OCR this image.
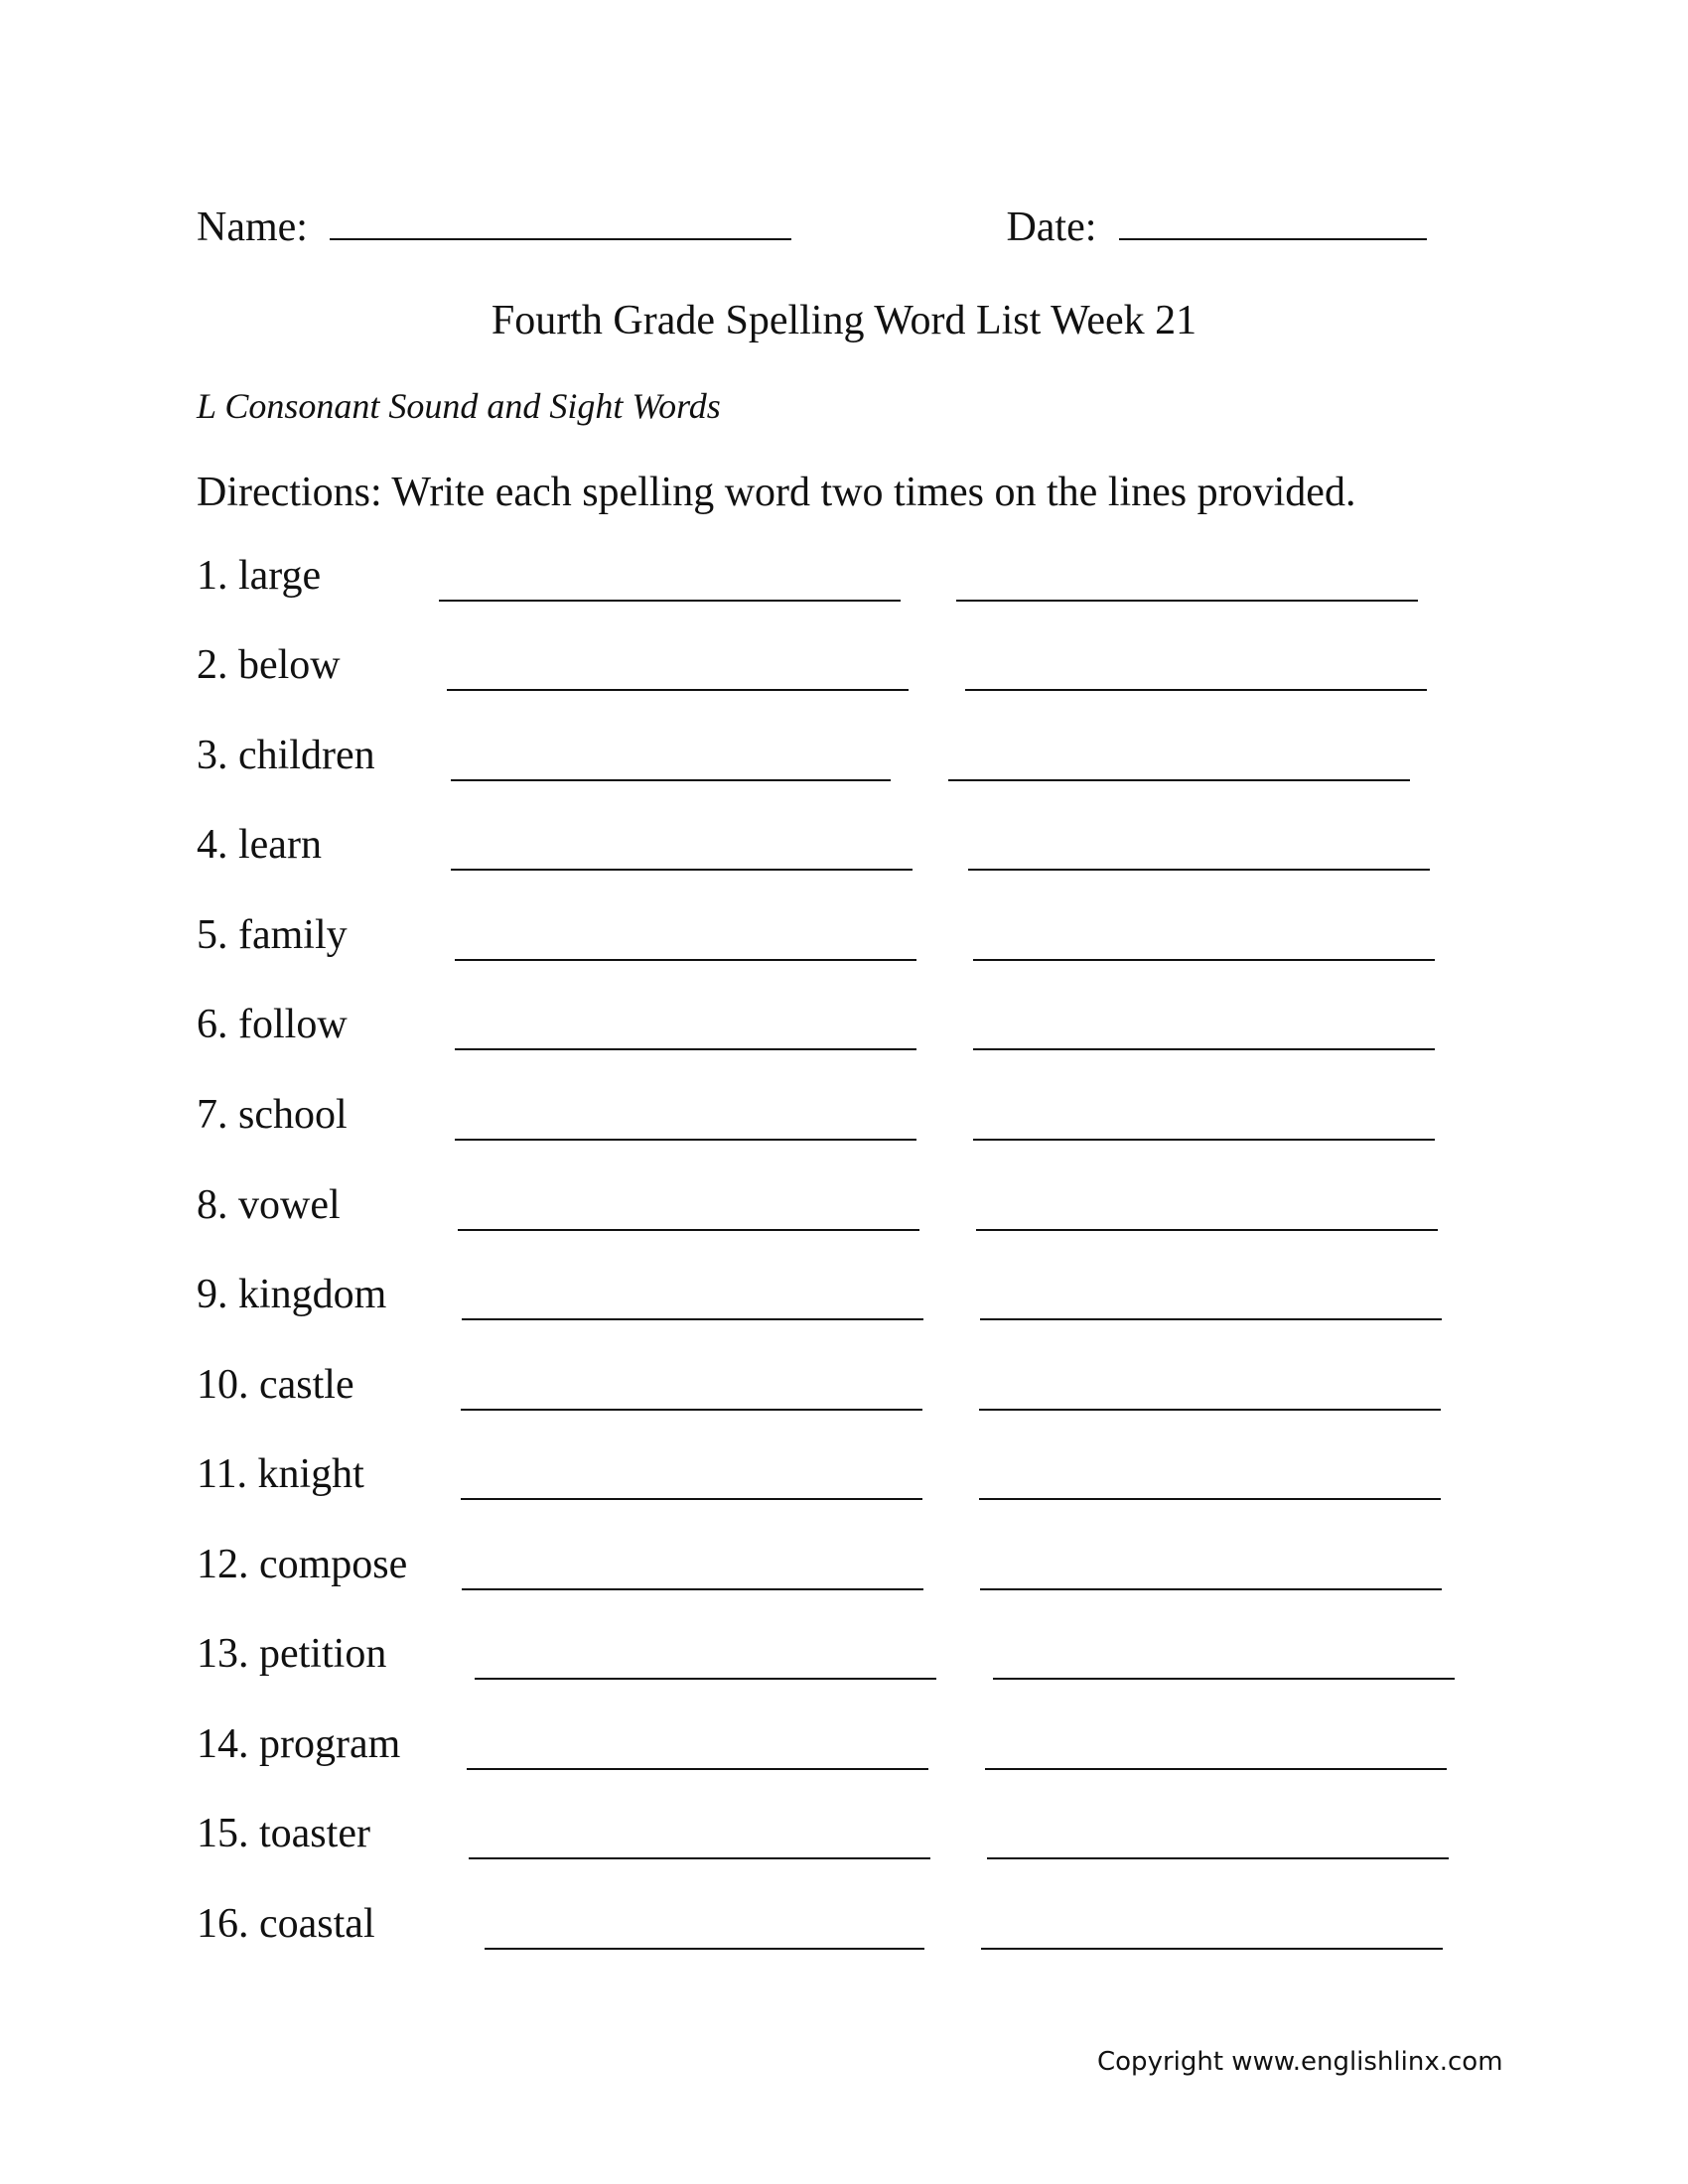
Name:	Date:
Fourth Grade Spelling Word List Week 21
L Consonant Sound and Sight Words
Directions: Write each spelling word two times on the lines provided.
1. large
2. below
3. children
4. learn
5. family
6. follow
7. school
8. vowel
9. kingdom
10. castle
11. knight
12. compose
13. petition
14. program
15. toaster
16. coastal
Copyright www.englishlinx.com
